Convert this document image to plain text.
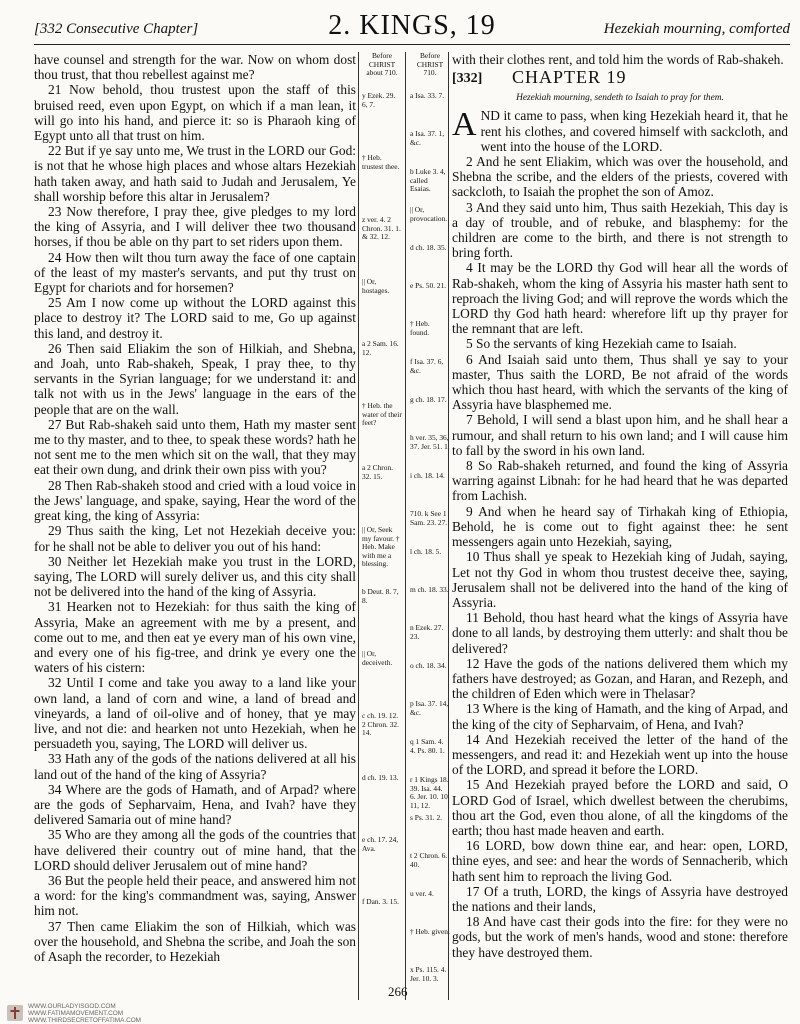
[332 Consecutive Chapter]	2. KINGS, 19	Hezekiah mourning, comforted

have counsel and strength for the war. Now on whom dost thou trust, that thou rebellest against me?

21 Now behold, thou trustest upon the staff of this bruised reed, even upon Egypt, on which if a man lean, it will go into his hand, and pierce it: so is Pharaoh king of Egypt unto all that trust on him.

22 But if ye say unto me, We trust in the LORD our God: is not that he whose high places and whose altars Hezekiah hath taken away, and hath said to Judah and Jerusalem, Ye shall worship before this altar in Jerusalem?

23 Now therefore, I pray thee, give pledges to my lord the king of Assyria, and I will deliver thee two thousand horses, if thou be able on thy part to set riders upon them.

24 How then wilt thou turn away the face of one captain of the least of my master's servants, and put thy trust on Egypt for chariots and for horsemen?

25 Am I now come up without the LORD against this place to destroy it? The LORD said to me, Go up against this land, and destroy it.

26 Then said Eliakim the son of Hilkiah, and Shebna, and Joah, unto Rab-shakeh, Speak, I pray thee, to thy servants in the Syrian language; for we understand it: and talk not with us in the Jews' language in the ears of the people that are on the wall.

27 But Rab-shakeh said unto them, Hath my master sent me to thy master, and to thee, to speak these words? hath he not sent me to the men which sit on the wall, that they may eat their own dung, and drink their own piss with you?

28 Then Rab-shakeh stood and cried with a loud voice in the Jews' language, and spake, saying, Hear the word of the great king, the king of Assyria:

29 Thus saith the king, Let not Hezekiah deceive you: for he shall not be able to deliver you out of his hand:

30 Neither let Hezekiah make you trust in the LORD, saying, The LORD will surely deliver us, and this city shall not be delivered into the hand of the king of Assyria.

31 Hearken not to Hezekiah: for thus saith the king of Assyria, Make an agreement with me by a present, and come out to me, and then eat ye every man of his own vine, and every one of his fig-tree, and drink ye every one the waters of his cistern:

32 Until I come and take you away to a land like your own land, a land of corn and wine, a land of bread and vineyards, a land of oil-olive and of honey, that ye may live, and not die: and hearken not unto Hezekiah, when he persuadeth you, saying, The LORD will deliver us.

33 Hath any of the gods of the nations delivered at all his land out of the hand of the king of Assyria?

34 Where are the gods of Hamath, and of Arpad? where are the gods of Sepharvaim, Hena, and Ivah? have they delivered Samaria out of mine hand?

35 Who are they among all the gods of the countries that have delivered their country out of mine hand, that the LORD should deliver Jerusalem out of mine hand?

36 But the people held their peace, and answered him not a word: for the king's commandment was, saying, Answer him not.

37 Then came Eliakim the son of Hilkiah, which was over the household, and Shebna the scribe, and Joah the son of Asaph the recorder, to Hezekiah

Before CHRIST about 710.
y Ezek. 29. 6, 7.
† Heb. trustest thee.
z ver. 4. 2 Chron. 31. 1. & 32. 12.
|| Or, hostages.
a 2 Sam. 16. 12.
† Heb. the water of their feet?
a 2 Chron. 32. 15.
|| Or, Seek my favour. † Heb. Make with me a blessing.
b Deut. 8. 7, 8.
|| Or, deceiveth.
c ch. 19. 12. 2 Chron. 32. 14.
d ch. 19. 13.
e ch. 17. 24, Ava.
f Dan. 3. 15.
Before CHRIST 710.
a Isa. 33. 7.
a Isa. 37. 1, &c.
b Luke 3. 4, called Esaias.
|| Or, provocation.
d ch. 18. 35.
e Ps. 50. 21.
† Heb. found.
f Isa. 37. 6, &c.
g ch. 18. 17.
h ver. 35, 36, 37. Jer. 51. 1.
i ch. 18. 14.
710. k See 1 Sam. 23. 27.
l ch. 18. 5.
m ch. 18. 33.
n Ezek. 27. 23.
o ch. 18. 34.
p Isa. 37. 14, &c.
q 1 Sam. 4. 4. Ps. 80. 1.
r 1 Kings 18. 39. Isa. 44. 6. Jer. 10. 10, 11, 12.
s Ps. 31. 2.
t 2 Chron. 6. 40.
u ver. 4.
† Heb. given.
x Ps. 115. 4. Jer. 10. 3.

with their clothes rent, and told him the words of Rab-shakeh.

[332] CHAPTER 19
Hezekiah mourning, sendeth to Isaiah to pray for them.

AND it came to pass, when king Hezekiah heard it, that he rent his clothes, and covered himself with sackcloth, and went into the house of the LORD.

2 And he sent Eliakim, which was over the household, and Shebna the scribe, and the elders of the priests, covered with sackcloth, to Isaiah the prophet the son of Amoz.

3 And they said unto him, Thus saith Hezekiah, This day is a day of trouble, and of rebuke, and blasphemy: for the children are come to the birth, and there is not strength to bring forth.

4 It may be the LORD thy God will hear all the words of Rab-shakeh, whom the king of Assyria his master hath sent to reproach the living God; and will reprove the words which the LORD thy God hath heard: wherefore lift up thy prayer for the remnant that are left.

5 So the servants of king Hezekiah came to Isaiah.

6 And Isaiah said unto them, Thus shall ye say to your master, Thus saith the LORD, Be not afraid of the words which thou hast heard, with which the servants of the king of Assyria have blasphemed me.

7 Behold, I will send a blast upon him, and he shall hear a rumour, and shall return to his own land; and I will cause him to fall by the sword in his own land.

8 So Rab-shakeh returned, and found the king of Assyria warring against Libnah: for he had heard that he was departed from Lachish.

9 And when he heard say of Tirhakah king of Ethiopia, Behold, he is come out to fight against thee: he sent messengers again unto Hezekiah, saying,

10 Thus shall ye speak to Hezekiah king of Judah, saying, Let not thy God in whom thou trustest deceive thee, saying, Jerusalem shall not be delivered into the hand of the king of Assyria.

11 Behold, thou hast heard what the kings of Assyria have done to all lands, by destroying them utterly: and shalt thou be delivered?

12 Have the gods of the nations delivered them which my fathers have destroyed; as Gozan, and Haran, and Rezeph, and the children of Eden which were in Thelasar?

13 Where is the king of Hamath, and the king of Arpad, and the king of the city of Sepharvaim, of Hena, and Ivah?

14 And Hezekiah received the letter of the hand of the messengers, and read it: and Hezekiah went up into the house of the LORD, and spread it before the LORD.

15 And Hezekiah prayed before the LORD and said, O LORD God of Israel, which dwellest between the cherubims, thou art the God, even thou alone, of all the kingdoms of the earth; thou hast made heaven and earth.

16 LORD, bow down thine ear, and hear: open, LORD, thine eyes, and see: and hear the words of Sennacherib, which hath sent him to reproach the living God.

17 Of a truth, LORD, the kings of Assyria have destroyed the nations and their lands,

18 And have cast their gods into the fire: for they were no gods, but the work of men's hands, wood and stone: therefore they have destroyed them.

266
WWW.OURLADYISGOD.COM
WWW.FATIMAMOVEMENT.COM
WWW.THIRDSECRETOFFATIMA.COM
